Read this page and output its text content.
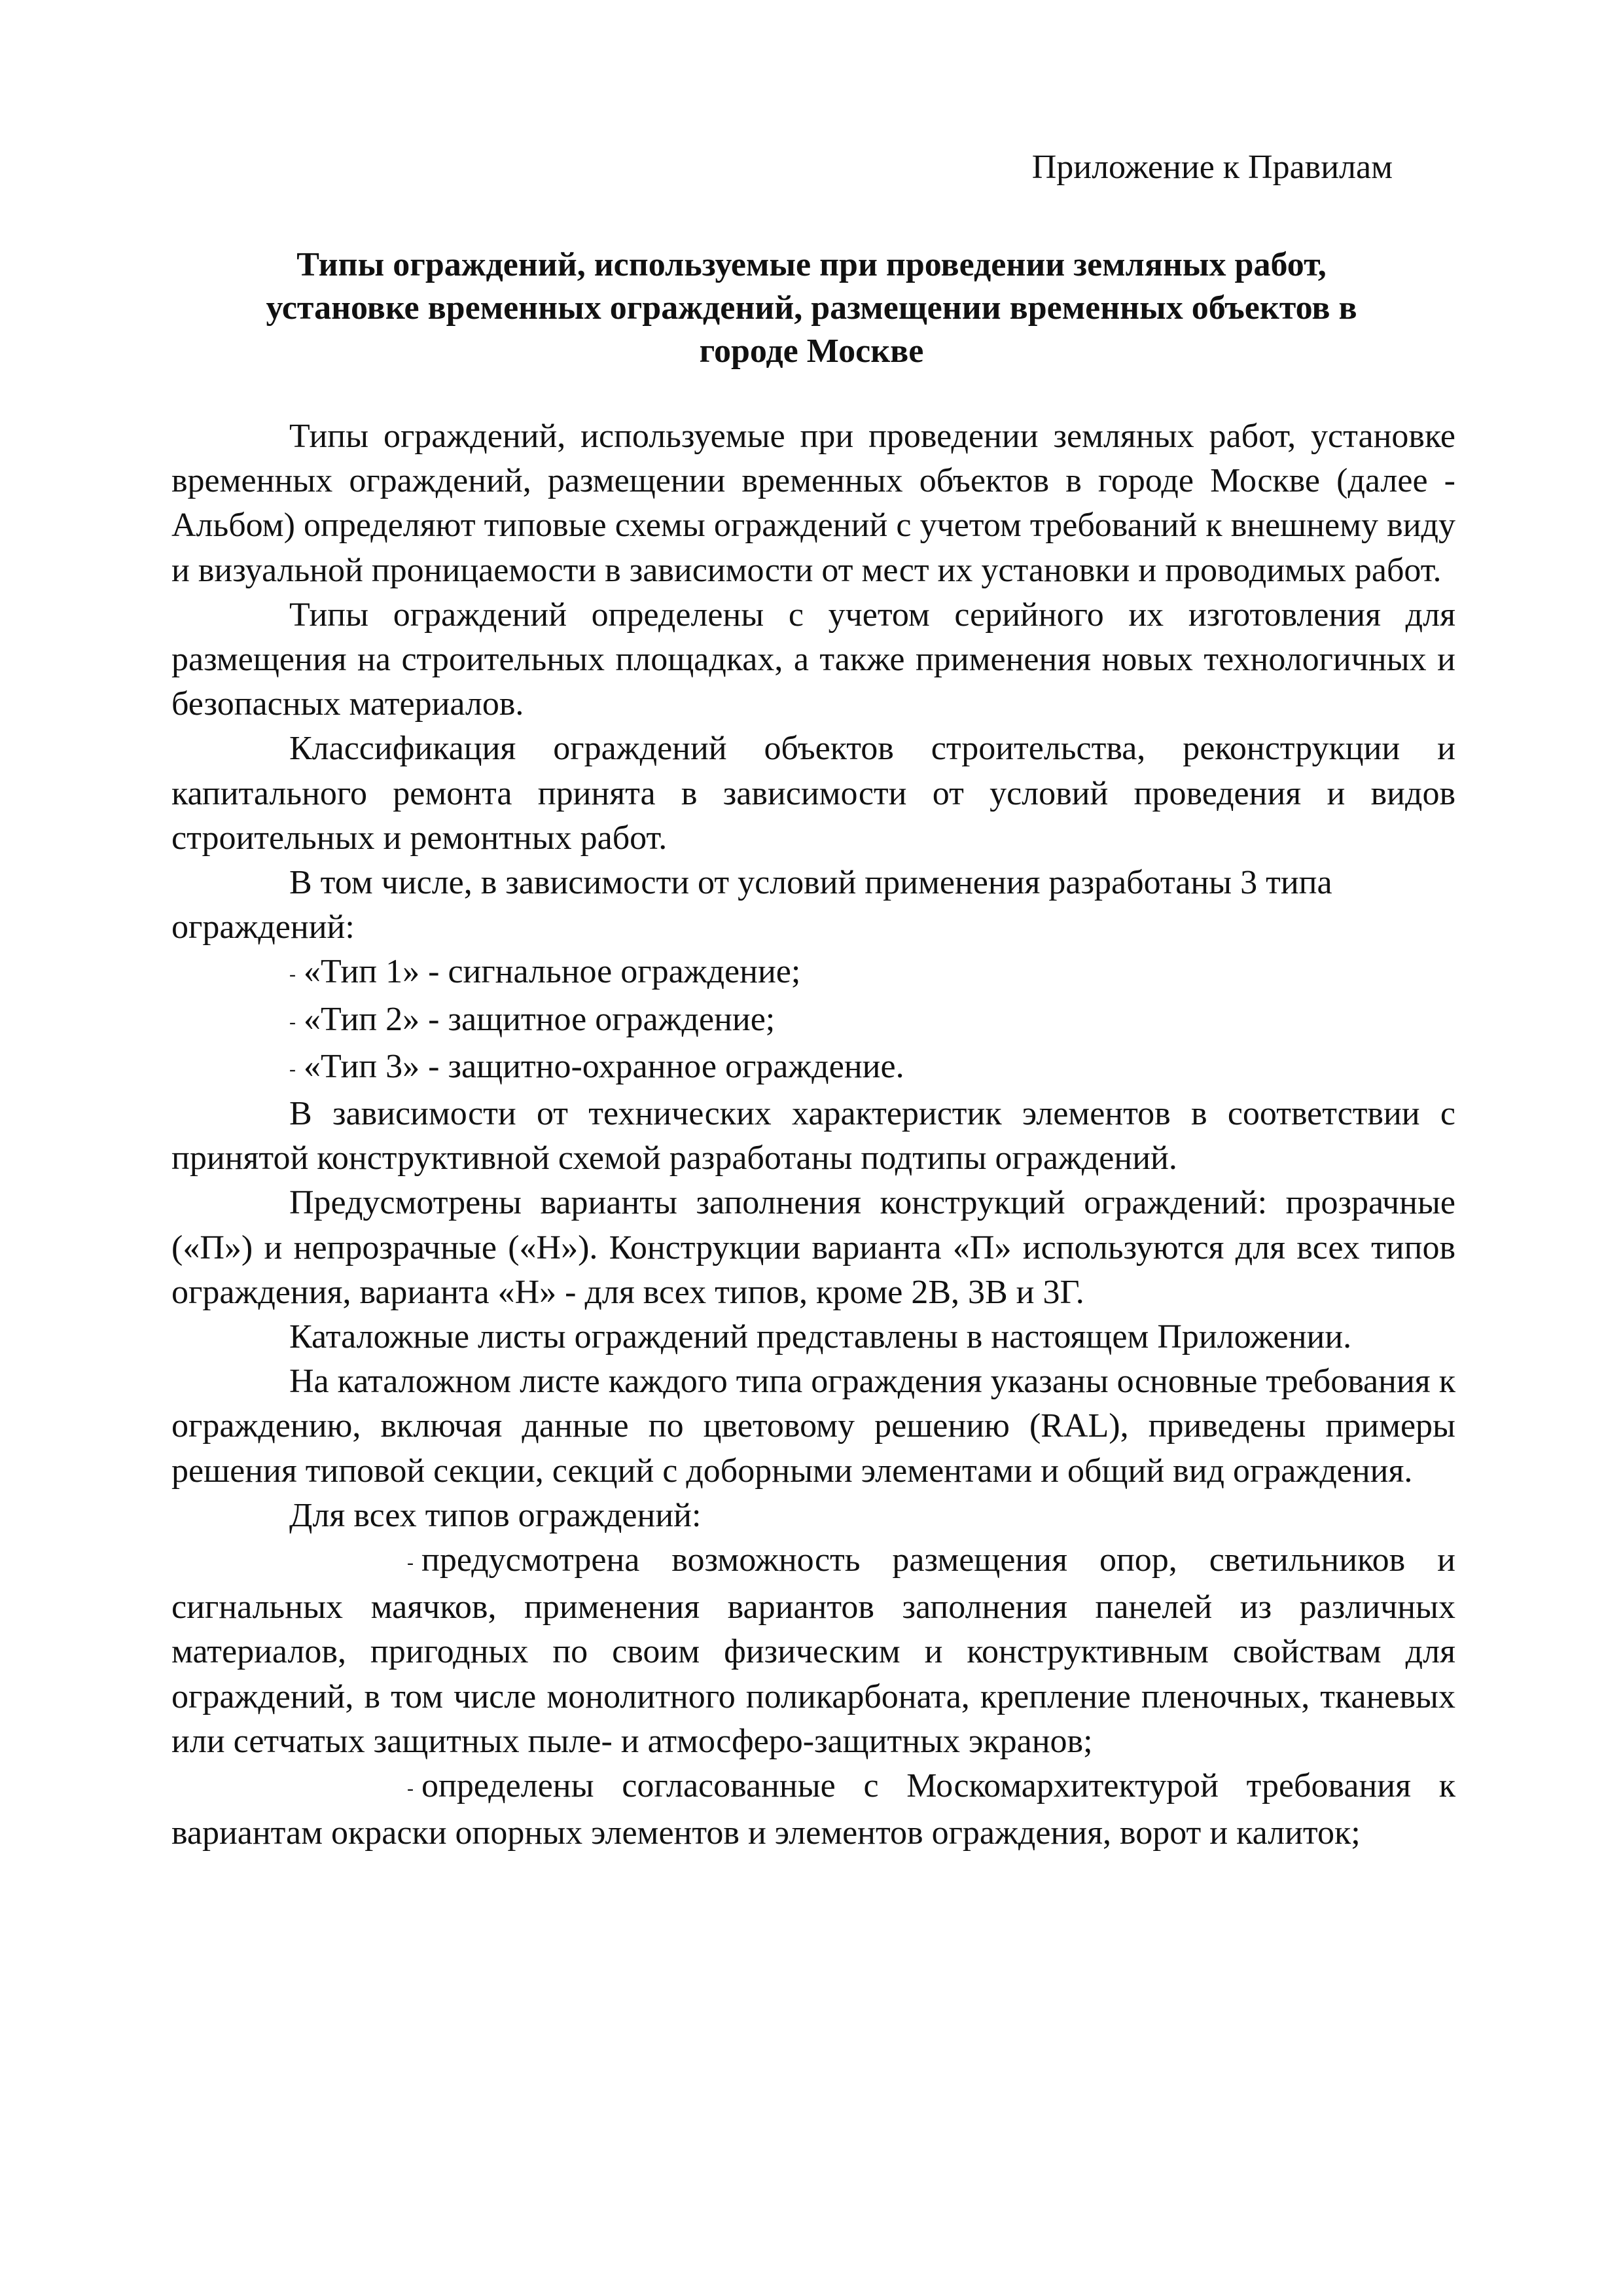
Приложение к Правилам
Типы ограждений, используемые при проведении земляных работ,
установке временных ограждений, размещении временных объектов в
городе Москве

Типы ограждений, используемые при проведении земляных работ, установке временных ограждений, размещении временных объектов в городе Москве (далее - Альбом) определяют типовые схемы ограждений с учетом требований к внешнему виду и визуальной проницаемости в зависимости от мест их установки и проводимых работ.

Типы ограждений определены с учетом серийного их изготовления для размещения на строительных площадках, а также применения новых технологичных и безопасных материалов.

Классификация ограждений объектов строительства, реконструкции и капитального ремонта принята в зависимости от условий проведения и видов строительных и ремонтных работ.

В том числе, в зависимости от условий применения разработаны 3 типа ограждений:

- «Тип 1» - сигнальное ограждение;
- «Тип 2» - защитное ограждение;
- «Тип 3» - защитно-охранное ограждение.

В зависимости от технических характеристик элементов в соответствии с принятой конструктивной схемой разработаны подтипы ограждений.

Предусмотрены варианты заполнения конструкций ограждений: прозрачные («П») и непрозрачные («Н»). Конструкции варианта «П» используются для всех типов ограждения, варианта «Н» - для всех типов, кроме 2В, 3В и 3Г.

Каталожные листы ограждений представлены в настоящем Приложении.

На каталожном листе каждого типа ограждения указаны основные требования к ограждению, включая данные по цветовому решению (RAL), приведены примеры решения типовой секции, секций с доборными элементами и общий вид ограждения.

Для всех типов ограждений:

- предусмотрена возможность размещения опор, светильников и сигнальных маячков, применения вариантов заполнения панелей из различных материалов, пригодных по своим физическим и конструктивным свойствам для ограждений, в том числе монолитного поликарбоната, крепление пленочных, тканевых или сетчатых защитных пыле- и атмосферо-защитных экранов;

- определены согласованные с Москомархитектурой требования к вариантам окраски опорных элементов и элементов ограждения, ворот и калиток;
